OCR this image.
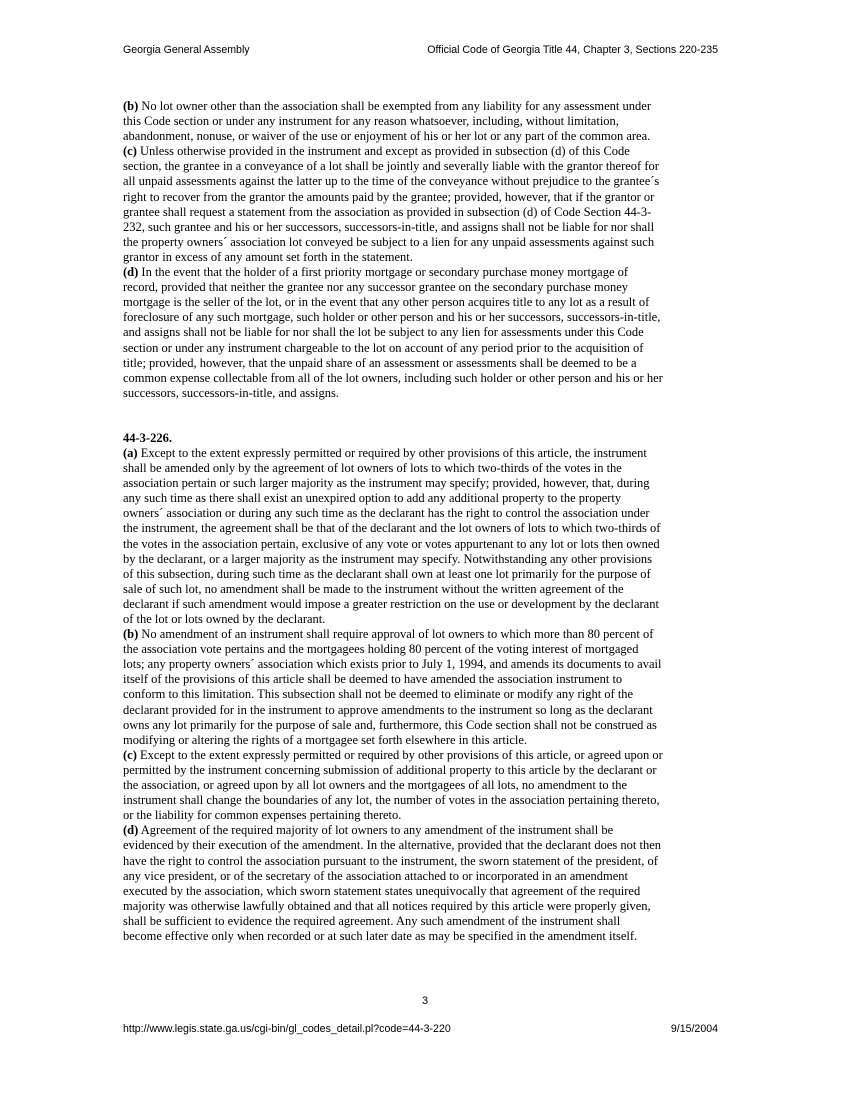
Georgia General Assembly	Official Code of Georgia Title 44, Chapter 3, Sections 220-235
(b) No lot owner other than the association shall be exempted from any liability for any assessment under
this Code section or under any instrument for any reason whatsoever, including, without limitation,
abandonment, nonuse, or waiver of the use or enjoyment of his or her lot or any part of the common area.
(c) Unless otherwise provided in the instrument and except as provided in subsection (d) of this Code
section, the grantee in a conveyance of a lot shall be jointly and severally liable with the grantor thereof for
all unpaid assessments against the latter up to the time of the conveyance without prejudice to the grantee´s
right to recover from the grantor the amounts paid by the grantee; provided, however, that if the grantor or
grantee shall request a statement from the association as provided in subsection (d) of Code Section 44-3-
232, such grantee and his or her successors, successors-in-title, and assigns shall not be liable for nor shall
the property owners´ association lot conveyed be subject to a lien for any unpaid assessments against such
grantor in excess of any amount set forth in the statement.
(d) In the event that the holder of a first priority mortgage or secondary purchase money mortgage of
record, provided that neither the grantee nor any successor grantee on the secondary purchase money
mortgage is the seller of the lot, or in the event that any other person acquires title to any lot as a result of
foreclosure of any such mortgage, such holder or other person and his or her successors, successors-in-title,
and assigns shall not be liable for nor shall the lot be subject to any lien for assessments under this Code
section or under any instrument chargeable to the lot on account of any period prior to the acquisition of
title; provided, however, that the unpaid share of an assessment or assessments shall be deemed to be a
common expense collectable from all of the lot owners, including such holder or other person and his or her
successors, successors-in-title, and assigns.
44-3-226.
(a) Except to the extent expressly permitted or required by other provisions of this article, the instrument
shall be amended only by the agreement of lot owners of lots to which two-thirds of the votes in the
association pertain or such larger majority as the instrument may specify; provided, however, that, during
any such time as there shall exist an unexpired option to add any additional property to the property
owners´ association or during any such time as the declarant has the right to control the association under
the instrument, the agreement shall be that of the declarant and the lot owners of lots to which two-thirds of
the votes in the association pertain, exclusive of any vote or votes appurtenant to any lot or lots then owned
by the declarant, or a larger majority as the instrument may specify. Notwithstanding any other provisions
of this subsection, during such time as the declarant shall own at least one lot primarily for the purpose of
sale of such lot, no amendment shall be made to the instrument without the written agreement of the
declarant if such amendment would impose a greater restriction on the use or development by the declarant
of the lot or lots owned by the declarant.
(b) No amendment of an instrument shall require approval of lot owners to which more than 80 percent of
the association vote pertains and the mortgagees holding 80 percent of the voting interest of mortgaged
lots; any property owners´ association which exists prior to July 1, 1994, and amends its documents to avail
itself of the provisions of this article shall be deemed to have amended the association instrument to
conform to this limitation. This subsection shall not be deemed to eliminate or modify any right of the
declarant provided for in the instrument to approve amendments to the instrument so long as the declarant
owns any lot primarily for the purpose of sale and, furthermore, this Code section shall not be construed as
modifying or altering the rights of a mortgagee set forth elsewhere in this article.
(c) Except to the extent expressly permitted or required by other provisions of this article, or agreed upon or
permitted by the instrument concerning submission of additional property to this article by the declarant or
the association, or agreed upon by all lot owners and the mortgagees of all lots, no amendment to the
instrument shall change the boundaries of any lot, the number of votes in the association pertaining thereto,
or the liability for common expenses pertaining thereto.
(d) Agreement of the required majority of lot owners to any amendment of the instrument shall be
evidenced by their execution of the amendment. In the alternative, provided that the declarant does not then
have the right to control the association pursuant to the instrument, the sworn statement of the president, of
any vice president, or of the secretary of the association attached to or incorporated in an amendment
executed by the association, which sworn statement states unequivocally that agreement of the required
majority was otherwise lawfully obtained and that all notices required by this article were properly given,
shall be sufficient to evidence the required agreement. Any such amendment of the instrument shall
become effective only when recorded or at such later date as may be specified in the amendment itself.
3
http://www.legis.state.ga.us/cgi-bin/gl_codes_detail.pl?code=44-3-220	9/15/2004
